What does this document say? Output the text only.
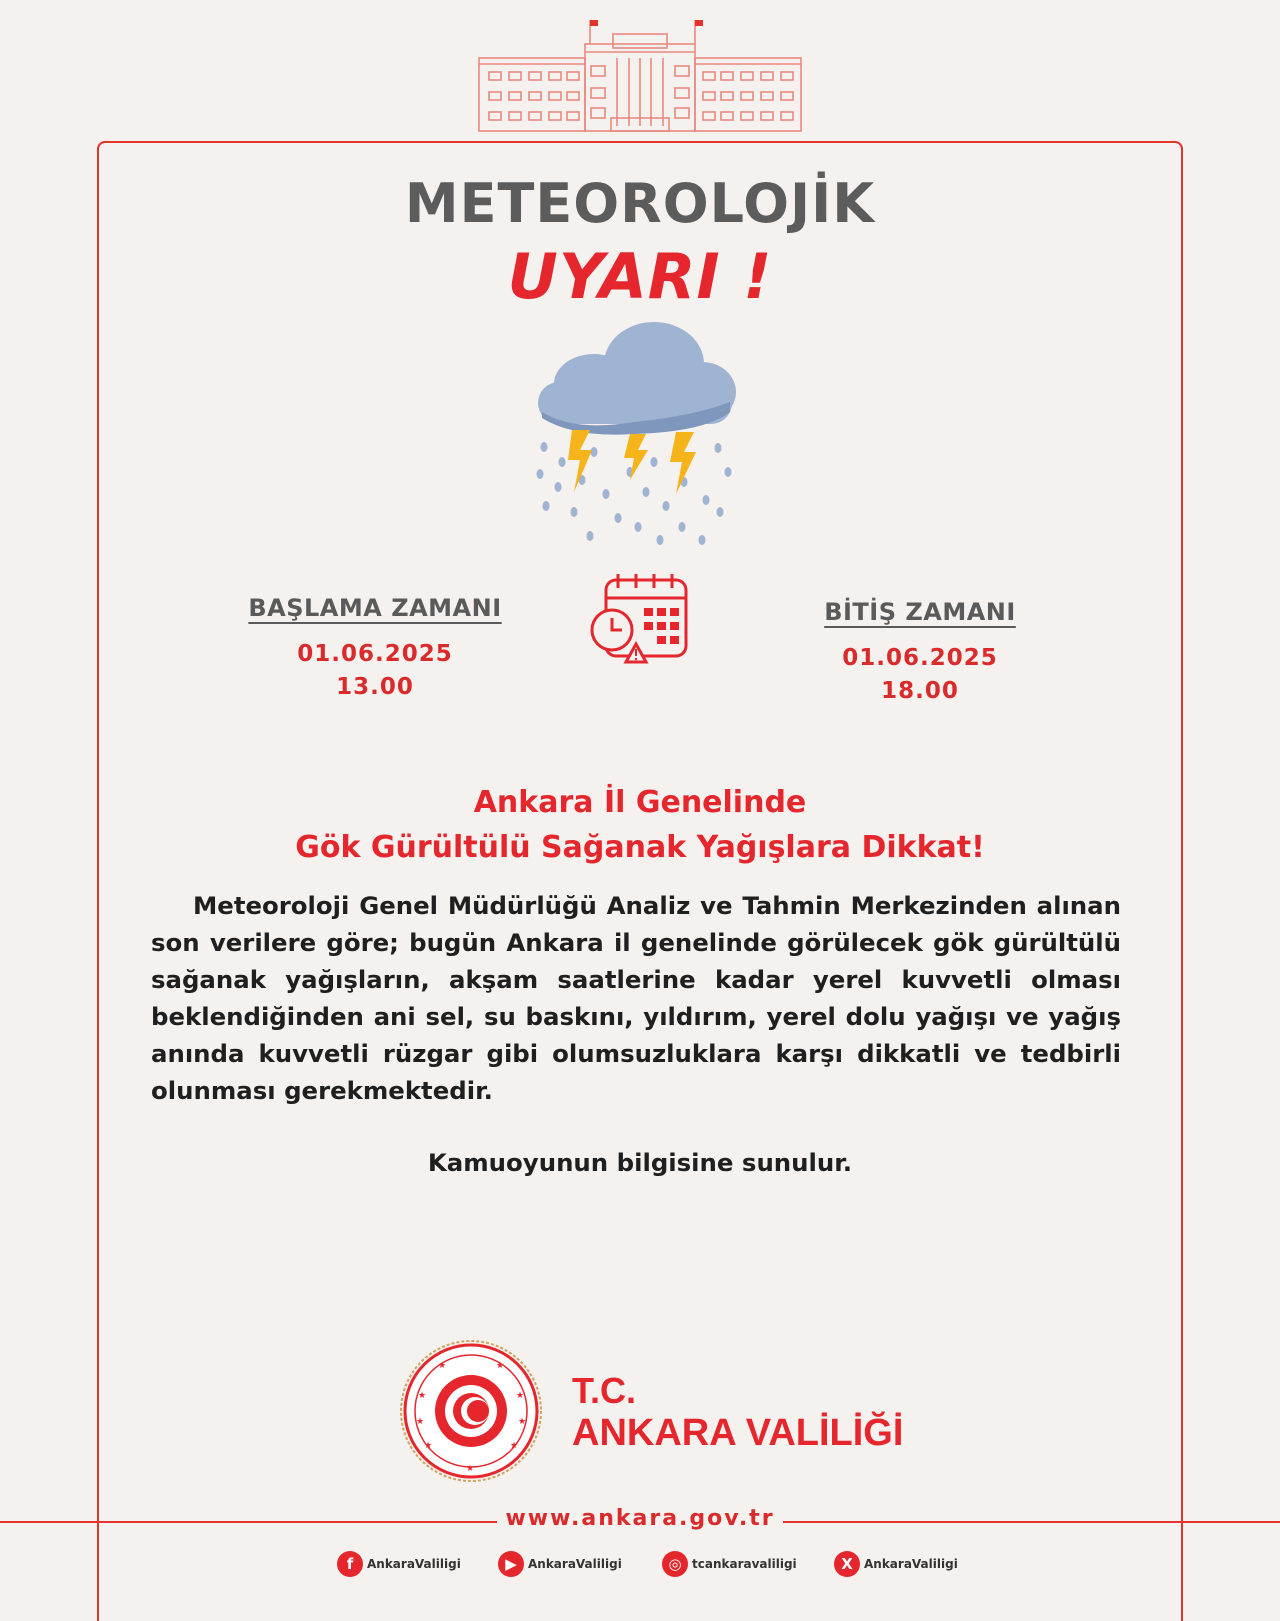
METEOROLOJİK
UYARI !
BAŞLAMA ZAMANI
01.06.2025
13.00
BİTİŞ ZAMANI
01.06.2025
18.00
Ankara İl Genelinde
Gök Gürültülü Sağanak Yağışlara Dikkat!
Meteoroloji Genel Müdürlüğü Analiz ve Tahmin Merkezinden alınan son verilere göre; bugün Ankara il genelinde görülecek gök gürültülü sağanak yağışların, akşam saatlerine kadar yerel kuvvetli olması beklendiğinden ani sel, su baskını, yıldırım, yerel dolu yağışı ve yağış anında kuvvetli rüzgar gibi olumsuzluklara karşı dikkatli ve tedbirli olunması gerekmektedir.
Kamuoyunun bilgisine sunulur.
★
★
★
★
★
★
★	★
★
T.C.
ANKARA VALİLİĞİ
www.ankara.gov.tr
f	AnkaraValiligi	▶ AnkaraValiligi	◎ tcankaravaliligi	X AnkaraValiligi
